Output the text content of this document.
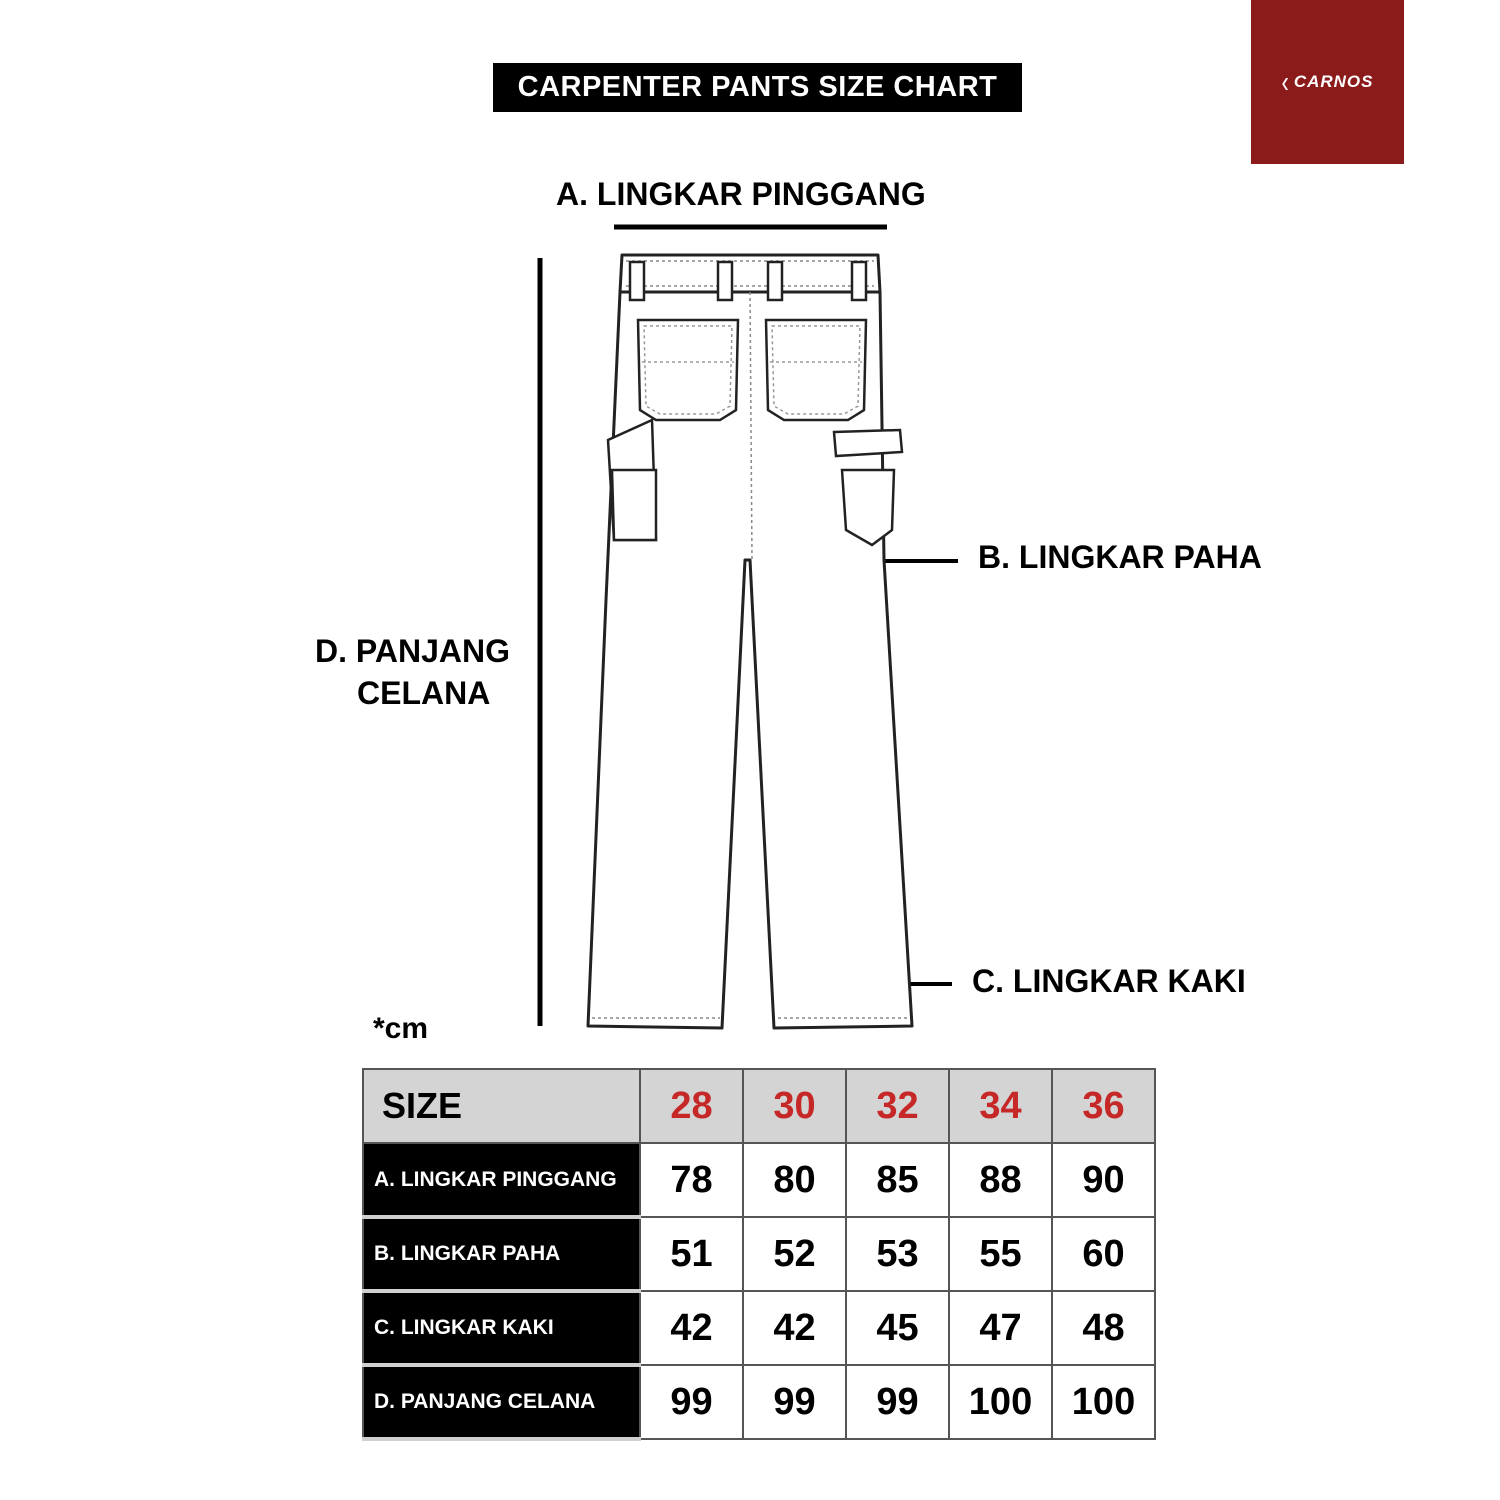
CARPENTER PANTS SIZE CHART	‹ CARNOS
A. LINGKAR PINGGANG
B. LINGKAR PAHA
C. LINGKAR KAKI
D. PANJANG
CELANA
*cm
SIZE	28	30	32	34	36
A. LINGKAR PINGGANG	78	80	85	88	90
B. LINGKAR PAHA	51	52	53	55	60
C. LINGKAR KAKI	42	42	45	47	48
D. PANJANG CELANA	99	99	99	100	100
